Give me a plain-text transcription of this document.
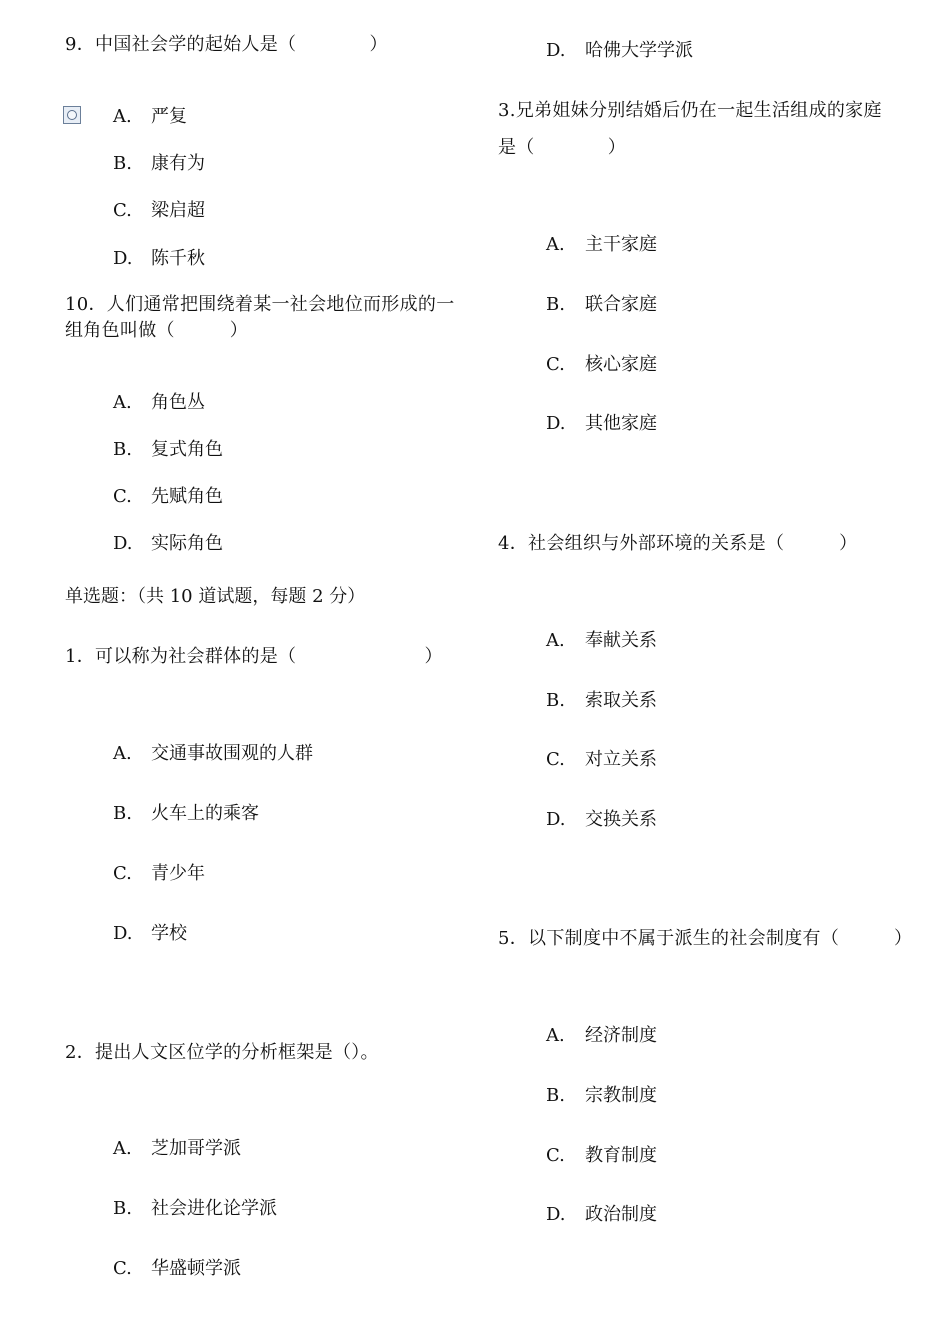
9．中国社会学的起始人是（　　　　）
A. 严复
B. 康有为
C. 梁启超
D. 陈千秋
10．人们通常把围绕着某一社会地位而形成的一
组角色叫做（　　　）
A. 角色丛
B. 复式角色
C. 先赋角色
D. 实际角色
单选题：（共 10 道试题，每题 2 分）
1．可以称为社会群体的是（　　　　　　　）
A. 交通事故围观的人群
B. 火车上的乘客
C. 青少年
D. 学校
2．提出人文区位学的分析框架是（）。
A. 芝加哥学派
B. 社会进化论学派
C. 华盛顿学派
D. 哈佛大学学派
3.兄弟姐妹分别结婚后仍在一起生活组成的家庭
是（　　　　）
A. 主干家庭
B. 联合家庭
C. 核心家庭
D. 其他家庭
4．社会组织与外部环境的关系是（　　　）
A. 奉献关系
B. 索取关系
C. 对立关系
D. 交换关系
5．以下制度中不属于派生的社会制度有（　　　）
A. 经济制度
B. 宗教制度
C. 教育制度
D. 政治制度
